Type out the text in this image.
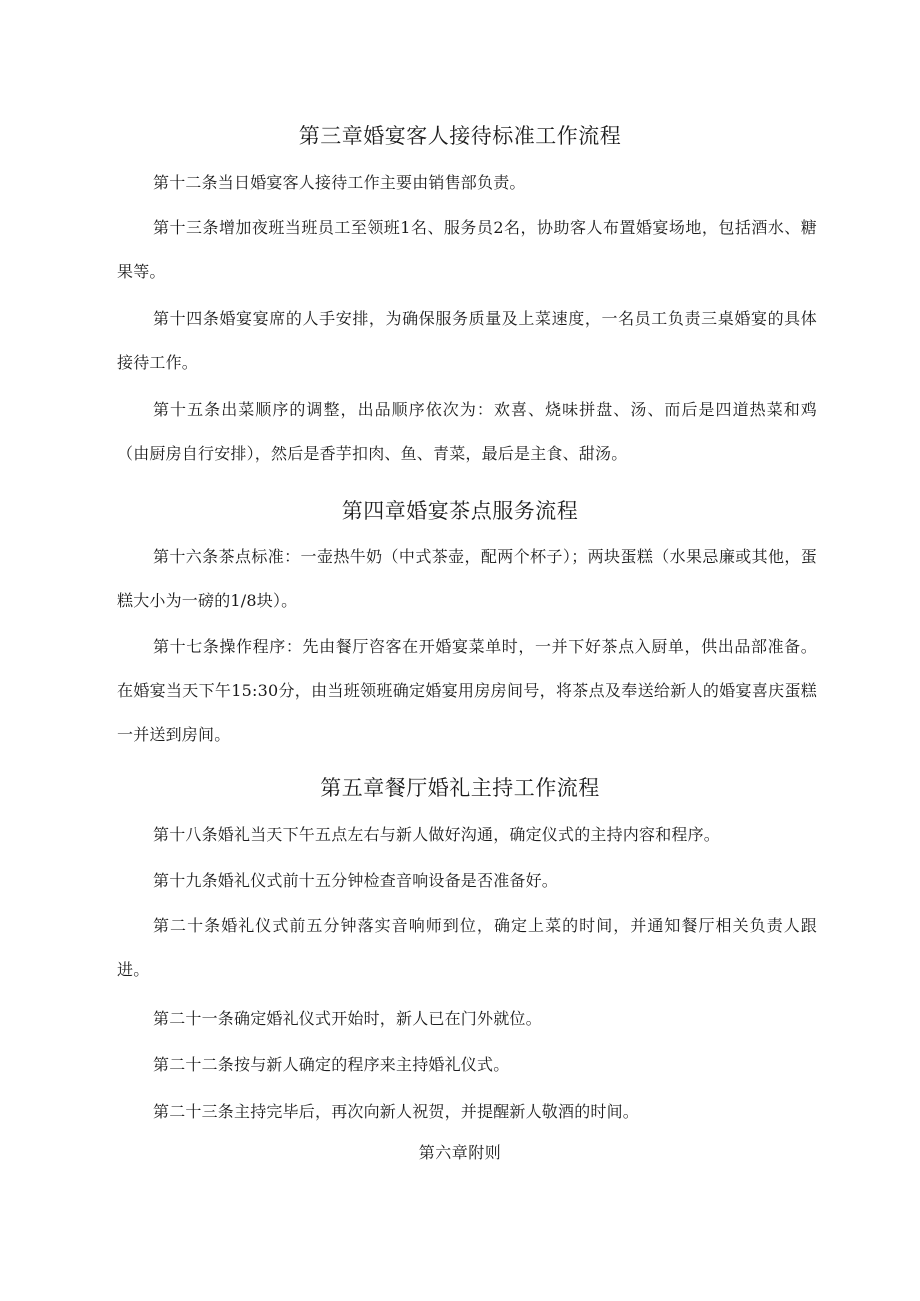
第三章婚宴客人接待标准工作流程
第十二条当日婚宴客人接待工作主要由销售部负责。
第十三条增加夜班当班员工至领班1名、服务员2名，协助客人布置婚宴场地，包括酒水、糖果等。
第十四条婚宴宴席的人手安排，为确保服务质量及上菜速度，一名员工负责三桌婚宴的具体接待工作。
第十五条出菜顺序的调整，出品顺序依次为：欢喜、烧味拼盘、汤、而后是四道热菜和鸡（由厨房自行安排），然后是香芋扣肉、鱼、青菜，最后是主食、甜汤。
第四章婚宴茶点服务流程
第十六条茶点标准：一壶热牛奶（中式茶壶，配两个杯子）；两块蛋糕（水果忌廉或其他，蛋糕大小为一磅的1/8块）。
第十七条操作程序：先由餐厅咨客在开婚宴菜单时，一并下好茶点入厨单，供出品部准备。在婚宴当天下午15:30分，由当班领班确定婚宴用房房间号，将茶点及奉送给新人的婚宴喜庆蛋糕一并送到房间。
第五章餐厅婚礼主持工作流程
第十八条婚礼当天下午五点左右与新人做好沟通，确定仪式的主持内容和程序。
第十九条婚礼仪式前十五分钟检查音响设备是否准备好。
第二十条婚礼仪式前五分钟落实音响师到位，确定上菜的时间，并通知餐厅相关负责人跟进。
第二十一条确定婚礼仪式开始时，新人已在门外就位。
第二十二条按与新人确定的程序来主持婚礼仪式。
第二十三条主持完毕后，再次向新人祝贺，并提醒新人敬酒的时间。
第六章附则
